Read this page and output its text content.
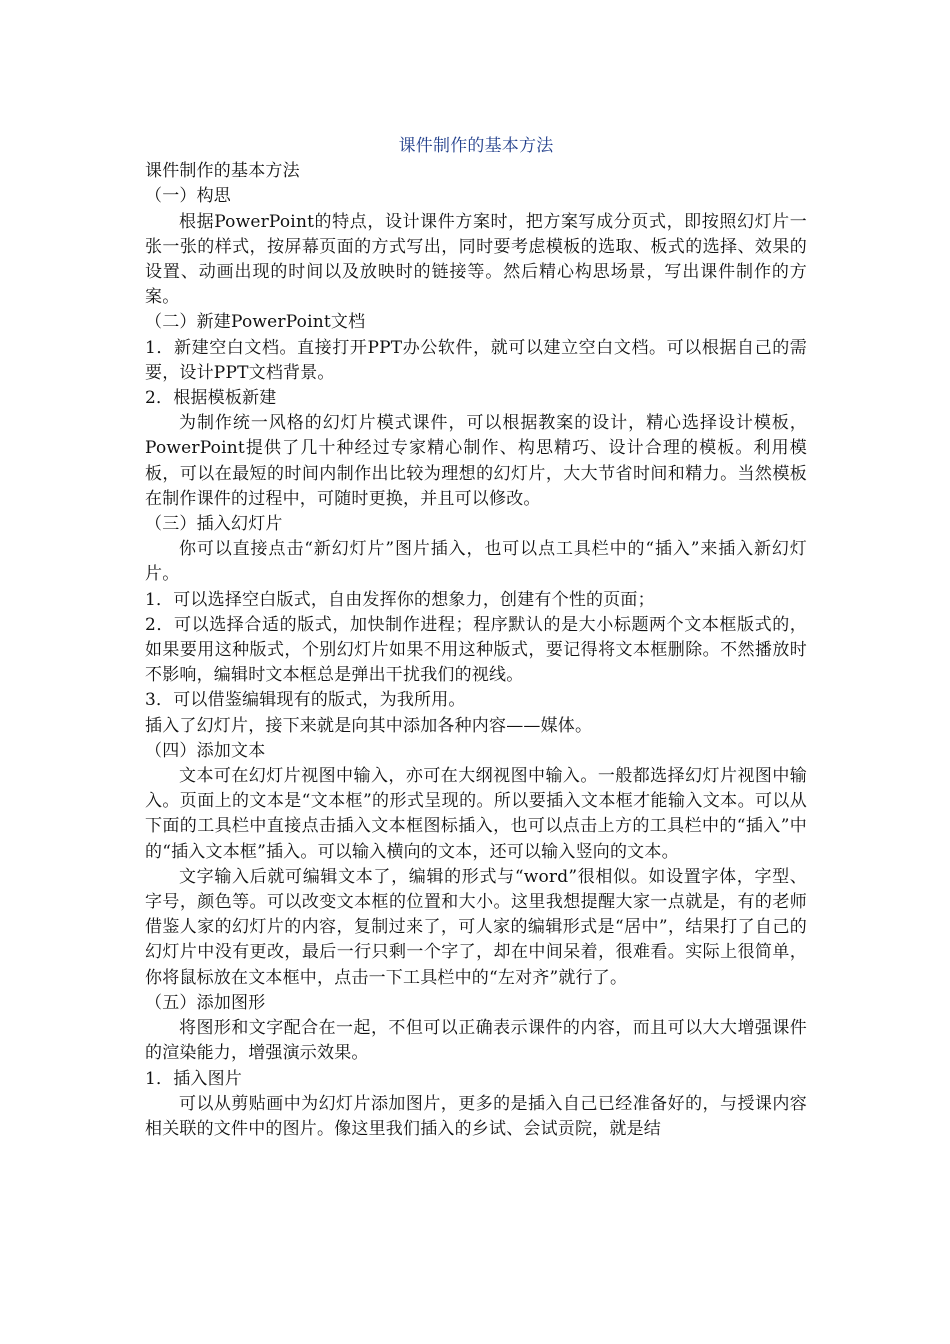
课件制作的基本方法

课件制作的基本方法

（一）构思

根据PowerPoint的特点，设计课件方案时，把方案写成分页式，即按照幻灯片一张一张的样式，按屏幕页面的方式写出，同时要考虑模板的选取、板式的选择、效果的设置、动画出现的时间以及放映时的链接等。然后精心构思场景，写出课件制作的方案。

（二）新建PowerPoint文档

1．新建空白文档。直接打开PPT办公软件，就可以建立空白文档。可以根据自己的需要，设计PPT文档背景。

2．根据模板新建

为制作统一风格的幻灯片模式课件，可以根据教案的设计，精心选择设计模板，PowerPoint提供了几十种经过专家精心制作、构思精巧、设计合理的模板。利用模板，可以在最短的时间内制作出比较为理想的幻灯片，大大节省时间和精力。当然模板在制作课件的过程中，可随时更换，并且可以修改。

（三）插入幻灯片

你可以直接点击“新幻灯片”图片插入，也可以点工具栏中的“插入”来插入新幻灯片。

1．可以选择空白版式，自由发挥你的想象力，创建有个性的页面；

2．可以选择合适的版式，加快制作进程；程序默认的是大小标题两个文本框版式的，如果要用这种版式，个别幻灯片如果不用这种版式，要记得将文本框删除。不然播放时不影响，编辑时文本框总是弹出干扰我们的视线。

3．可以借鉴编辑现有的版式，为我所用。

插入了幻灯片，接下来就是向其中添加各种内容——媒体。

（四）添加文本

文本可在幻灯片视图中输入，亦可在大纲视图中输入。一般都选择幻灯片视图中输入。页面上的文本是“文本框”的形式呈现的。所以要插入文本框才能输入文本。可以从下面的工具栏中直接点击插入文本框图标插入，也可以点击上方的工具栏中的“插入”中的“插入文本框”插入。可以输入横向的文本，还可以输入竖向的文本。

文字输入后就可编辑文本了，编辑的形式与“word”很相似。如设置字体，字型、字号，颜色等。可以改变文本框的位置和大小。这里我想提醒大家一点就是，有的老师借鉴人家的幻灯片的内容，复制过来了，可人家的编辑形式是“居中”，结果打了自己的幻灯片中没有更改，最后一行只剩一个字了，却在中间呆着，很难看。实际上很简单，你将鼠标放在文本框中，点击一下工具栏中的“左对齐”就行了。

（五）添加图形

将图形和文字配合在一起，不但可以正确表示课件的内容，而且可以大大增强课件的渲染能力，增强演示效果。

1．插入图片

可以从剪贴画中为幻灯片添加图片，更多的是插入自己已经准备好的，与授课内容相关联的文件中的图片。像这里我们插入的乡试、会试贡院，就是结
